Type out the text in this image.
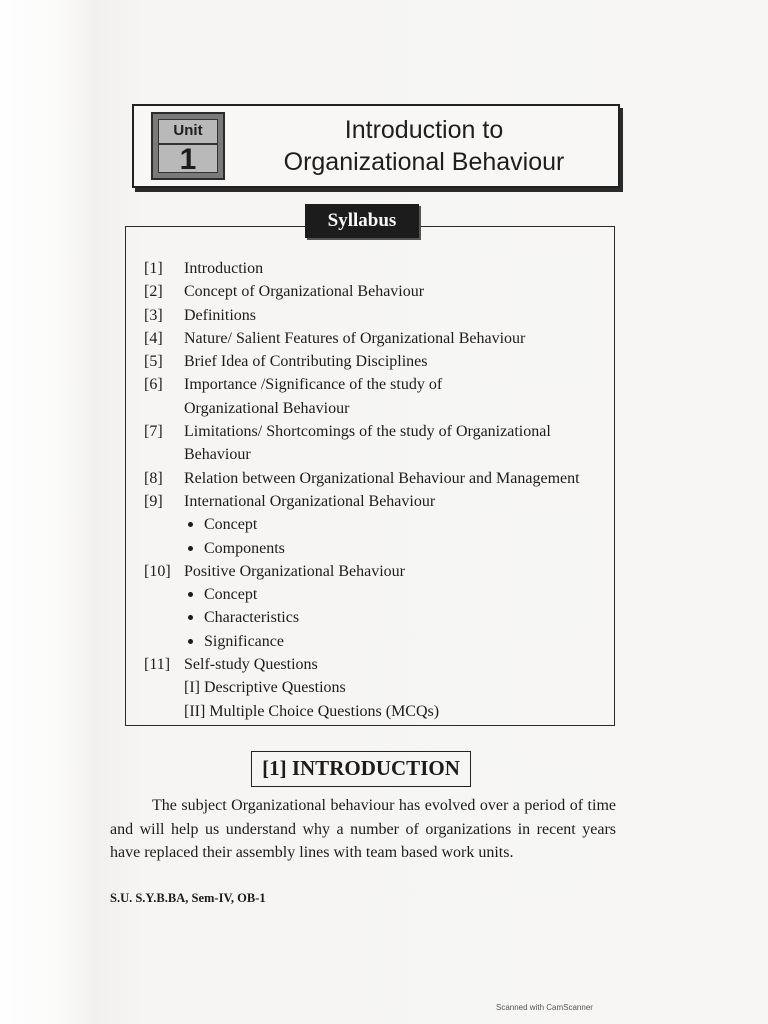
Unit
1
Introduction to
Organizational Behaviour
Syllabus
[1] Introduction
[2] Concept of Organizational Behaviour
[3] Definitions
[4] Nature/ Salient Features of Organizational Behaviour
[5] Brief Idea of Contributing Disciplines
[6] Importance /Significance of the study of
Organizational Behaviour
[7] Limitations/ Shortcomings of the study of Organizational
Behaviour
[8] Relation between Organizational Behaviour and Management
[9] International Organizational Behaviour
Concept
Components
[10] Positive Organizational Behaviour
Concept
Characteristics
Significance
[11] Self-study Questions
[I] Descriptive Questions
[II] Multiple Choice Questions (MCQs)
[1] INTRODUCTION

The subject Organizational behaviour has evolved over a period of time and will help us understand why a number of organizations in recent years have replaced their assembly lines with team based work units.

S.U. S.Y.B.BA, Sem-IV, OB-1
Scanned with CamScanner
